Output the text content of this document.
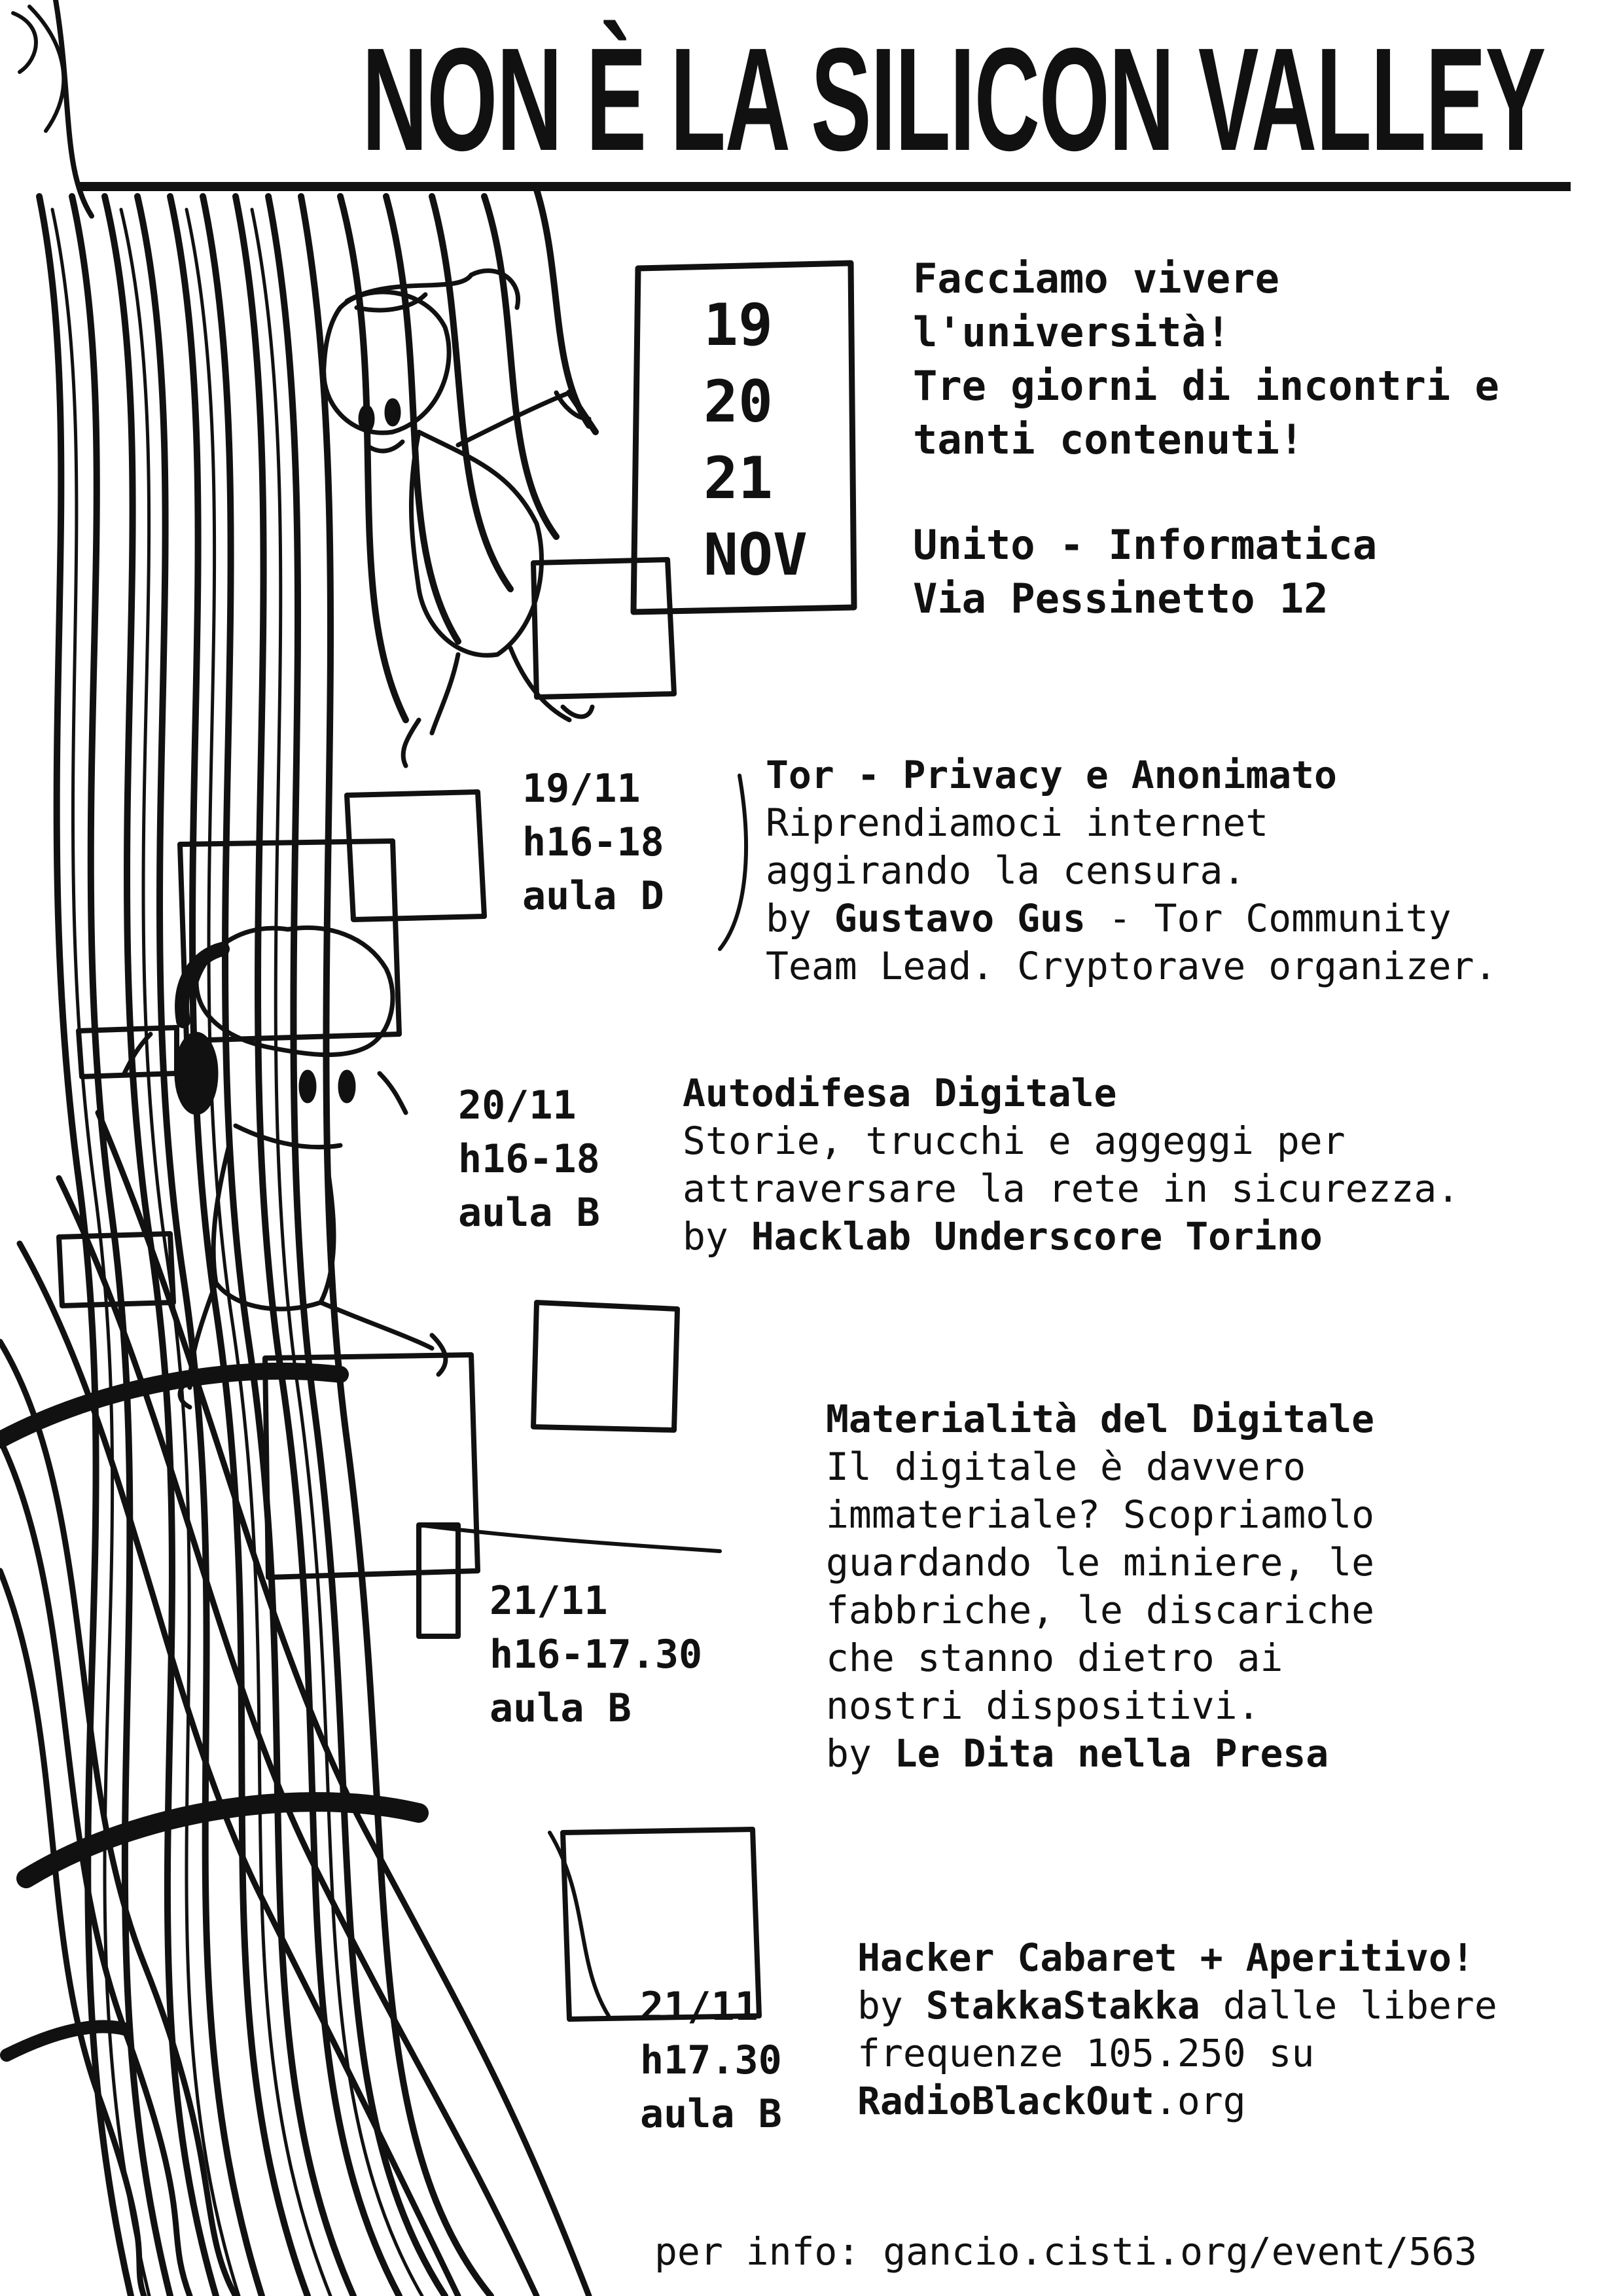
NON È LA SILICON VALLEY
19
20
21
NOV
Facciamo vivere
l'università!
Tre giorni di incontri e
tanti contenuti!
Unito - Informatica
Via Pessinetto 12
19/11
h16-18
aula D
Tor - Privacy e Anonimato
Riprendiamoci internet
aggirando la censura.
by Gustavo Gus - Tor Community
Team Lead. Cryptorave organizer.
20/11
h16-18
aula B
Autodifesa Digitale
Storie, trucchi e aggeggi per
attraversare la rete in sicurezza.
by Hacklab Underscore Torino
21/11
h16-17.30
aula B
Materialità del Digitale
Il digitale è davvero
immateriale? Scopriamolo
guardando le miniere, le
fabbriche, le discariche
che stanno dietro ai
nostri dispositivi.
by Le Dita nella Presa
21/11
h17.30
aula B
Hacker Cabaret + Aperitivo!
by StakkaStakka dalle libere
frequenze 105.250 su
RadioBlackOut.org
per info: gancio.cisti.org/event/563
